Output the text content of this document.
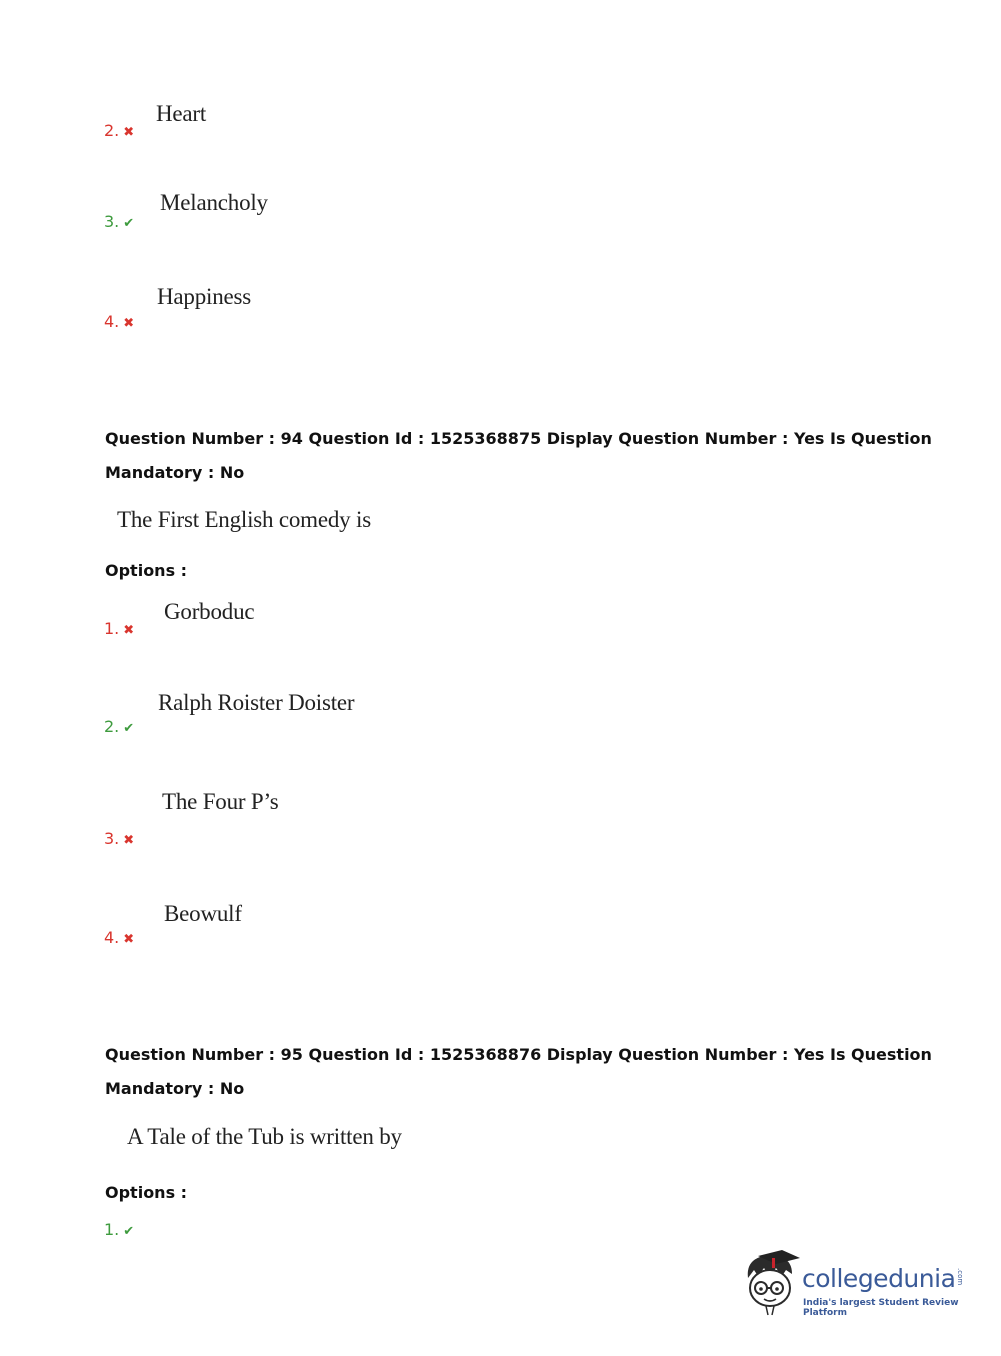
Heart
2. ✖
Melancholy
3. ✔
Happiness
4. ✖
Question Number : 94 Question Id : 1525368875 Display Question Number : Yes Is Question
Mandatory : No
The First English comedy is
Options :
Gorboduc
1. ✖
Ralph Roister Doister
2. ✔
The Four P’s
3. ✖
Beowulf
4. ✖
Question Number : 95 Question Id : 1525368876 Display Question Number : Yes Is Question
Mandatory : No
A Tale of the Tub is written by
Options :
1. ✔
collegedunia .com
India's largest Student Review Platform
